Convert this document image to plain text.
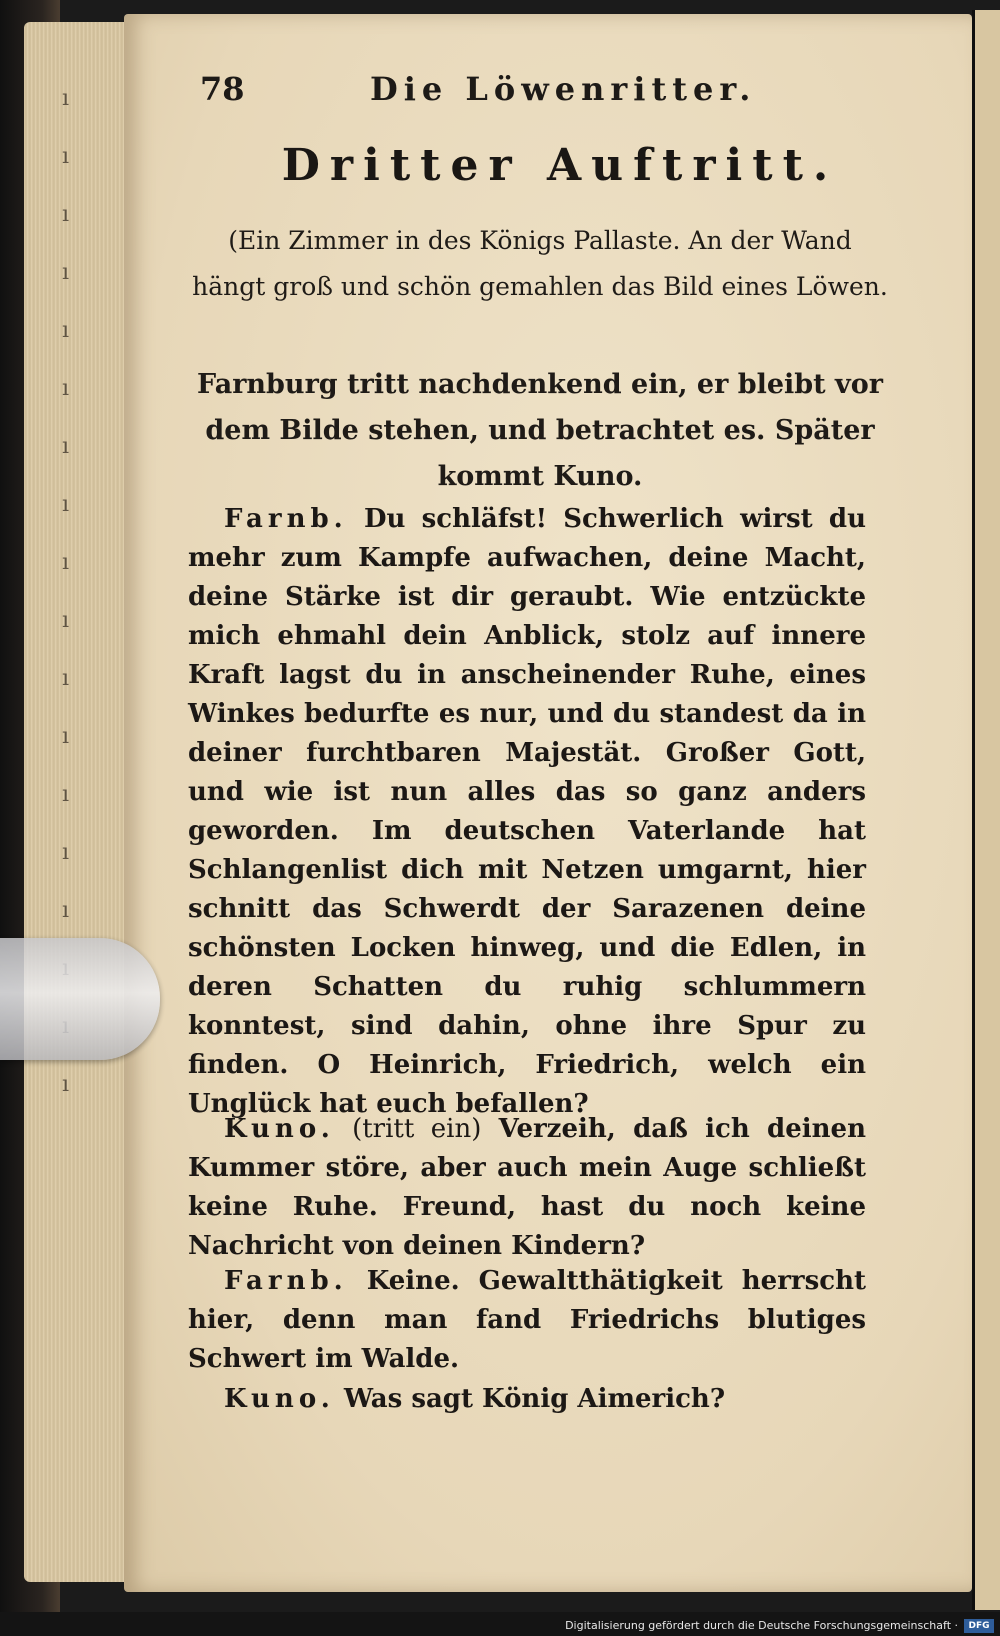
ı
ı
ı
ı
ı
ı
ı
ı
ı
ı
ı
ı
ı
ı
ı

ı
78	Die Löwenritter.
Dritter Auftritt.
(Ein Zimmer in des Königs Pallaste. An der Wand hängt groß und schön gemahlen das Bild eines Löwen.
Farnburg tritt nachdenkend ein, er bleibt vor dem Bilde stehen, und betrachtet es. Später kommt Kuno.
Farnb. Du schläfst! Schwerlich wirst du mehr zum Kampfe aufwachen, deine Macht, deine Stärke ist dir geraubt. Wie entzückte mich ehmahl dein Anblick, stolz auf innere Kraft lagst du in anscheinender Ruhe, eines Winkes bedurfte es nur, und du standest da in deiner furchtbaren Majestät. Großer Gott, und wie ist nun alles das so ganz anders geworden. Im deutschen Vaterlande hat Schlangenlist dich mit Netzen umgarnt, hier schnitt das Schwerdt der Sarazenen deine schönsten Locken hinweg, und die Edlen, in deren Schatten du ruhig schlummern konntest, sind dahin, ohne ihre Spur zu finden. O Heinrich, Friedrich, welch ein Unglück hat euch befallen?
Kuno. (tritt ein) Verzeih, daß ich deinen Kummer störe, aber auch mein Auge schließt keine Ruhe. Freund, hast du noch keine Nachricht von deinen Kindern?
Farnb. Keine. Gewaltthätigkeit herrscht hier, denn man fand Friedrichs blutiges Schwert im Walde.
Kuno. Was sagt König Aimerich?
Digitalisierung gefördert durch die Deutsche Forschungsgemeinschaft ·	DFG
